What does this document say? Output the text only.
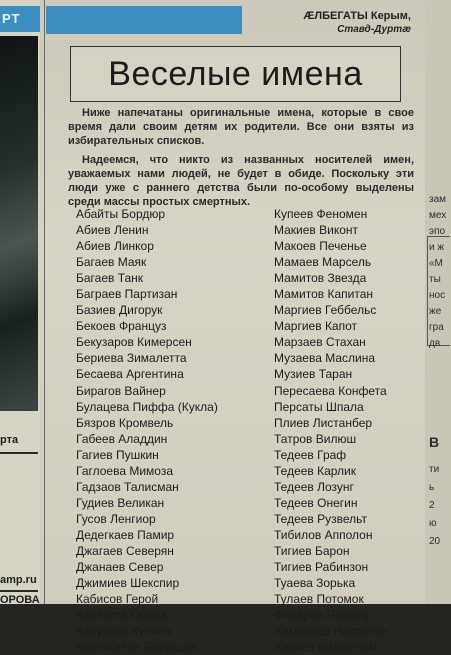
РТ
рта
amp.ru
ОРОВА
ÆЛБЕГАТЫ Керым,
Ставд-Дуртæ
Веселые имена

Ниже напечатаны оригинальные имена, которые в свое время дали своим детям их родители. Все они взяты из избирательных списков.

Надеемся, что никто из названных носителей имен, уважаемых нами людей, не будет в обиде. Поскольку эти люди уже с раннего детства были по-особому выделены среди массы простых смертных.

Абайты Бордюр
Абиев Ленин
Абиев Линкор
Багаев Маяк
Багаев Танк
Баграев Партизан
Базиев Дигорук
Бекоев Француз
Бекузаров Кимерсен
Бериева Зималетта
Бесаева Аргентина
Бирагов Вайнер
Булацева Пиффа (Кукла)
Бязров Кромвель
Габеев Аладдин
Гагиев Пушкин
Гаглоева Мимоза
Гадзаов Талисман
Гудиев Великан
Гусов Ленгиор
Дедегкаев Памир
Джагаев Северян
Джанаев Север
Джимиев Шекспир
Кабисов Герой
Каллагов Орлов
Калухова Кулина
Келехсаева Барышня
Купеев Феномен
Макиев Виконт
Макоев Печенье
Мамаев Марсель
Мамитов Звезда
Мамитов Капитан
Маргиев Геббельс
Маргиев Капот
Марзаев Стахан
Музаева Маслина
Музиев Таран
Пересаева Конфета
Персаты Шпала
Плиев Листанбер
Татров Вилюш
Тедеев Граф
Тедеев Карлик
Тедеев Лозунг
Тедеев Онегин
Тедеев Рузвельт
Тибилов Апполон
Тигиев Барон
Тигиев Рабинзон
Туаева Зорька
Тулаев Потомок
Фидаров Японец
Хамицаев Наполеон
Хасиев Вильгельм
зам
мех
эпо
и ж
«М
ты
нос
же
гра
дв
В
ти
ь
2
ю
20
